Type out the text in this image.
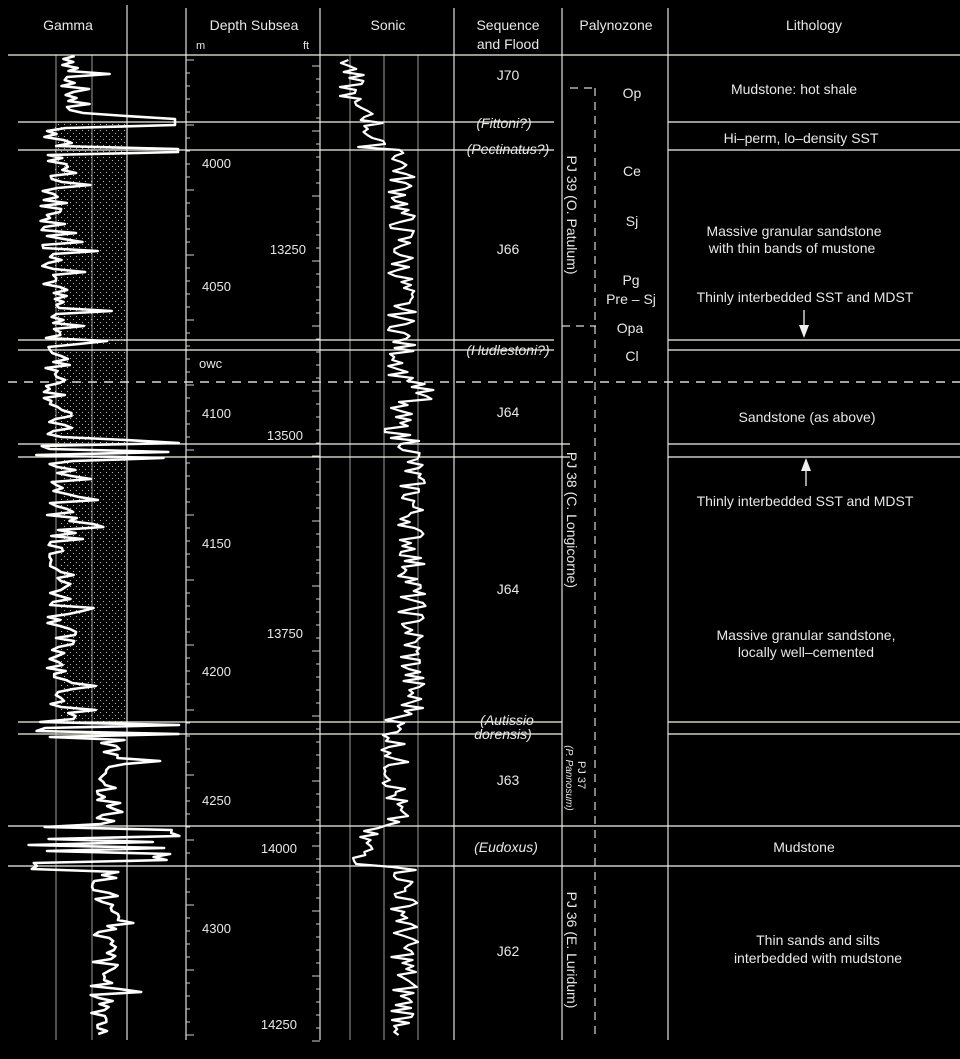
Gamma	Depth Subsea
m	ft
Sonic	Sequence
and Flood
Palynozone	Lithology
4000
4050
4100
4150
4200
4250
4300
13250
13500
13750
14000
14250
owc
J70
(Fittoni?)
(Pectinatus?)
J66
(Hudlestoni?)
J64
J64
(Autissio
dorensis)
J63
(Eudoxus)
J62
PJ 39 (O. Patulum)
PJ 38 (C. Longicorne)
PJ 37
(P. Pannosum)
PJ 36 (E. Luridum)
Op
Ce
Sj
Pg
Pre – Sj
Opa
Cl
Mudstone: hot shale
Hi–perm, lo–density SST
Massive granular sandstone
with thin bands of mustone
Thinly interbedded SST and MDST
Sandstone (as above)
Thinly interbedded SST and MDST
Massive granular sandstone,
locally well–cemented
Mudstone
Thin sands and silts
interbedded with mudstone
